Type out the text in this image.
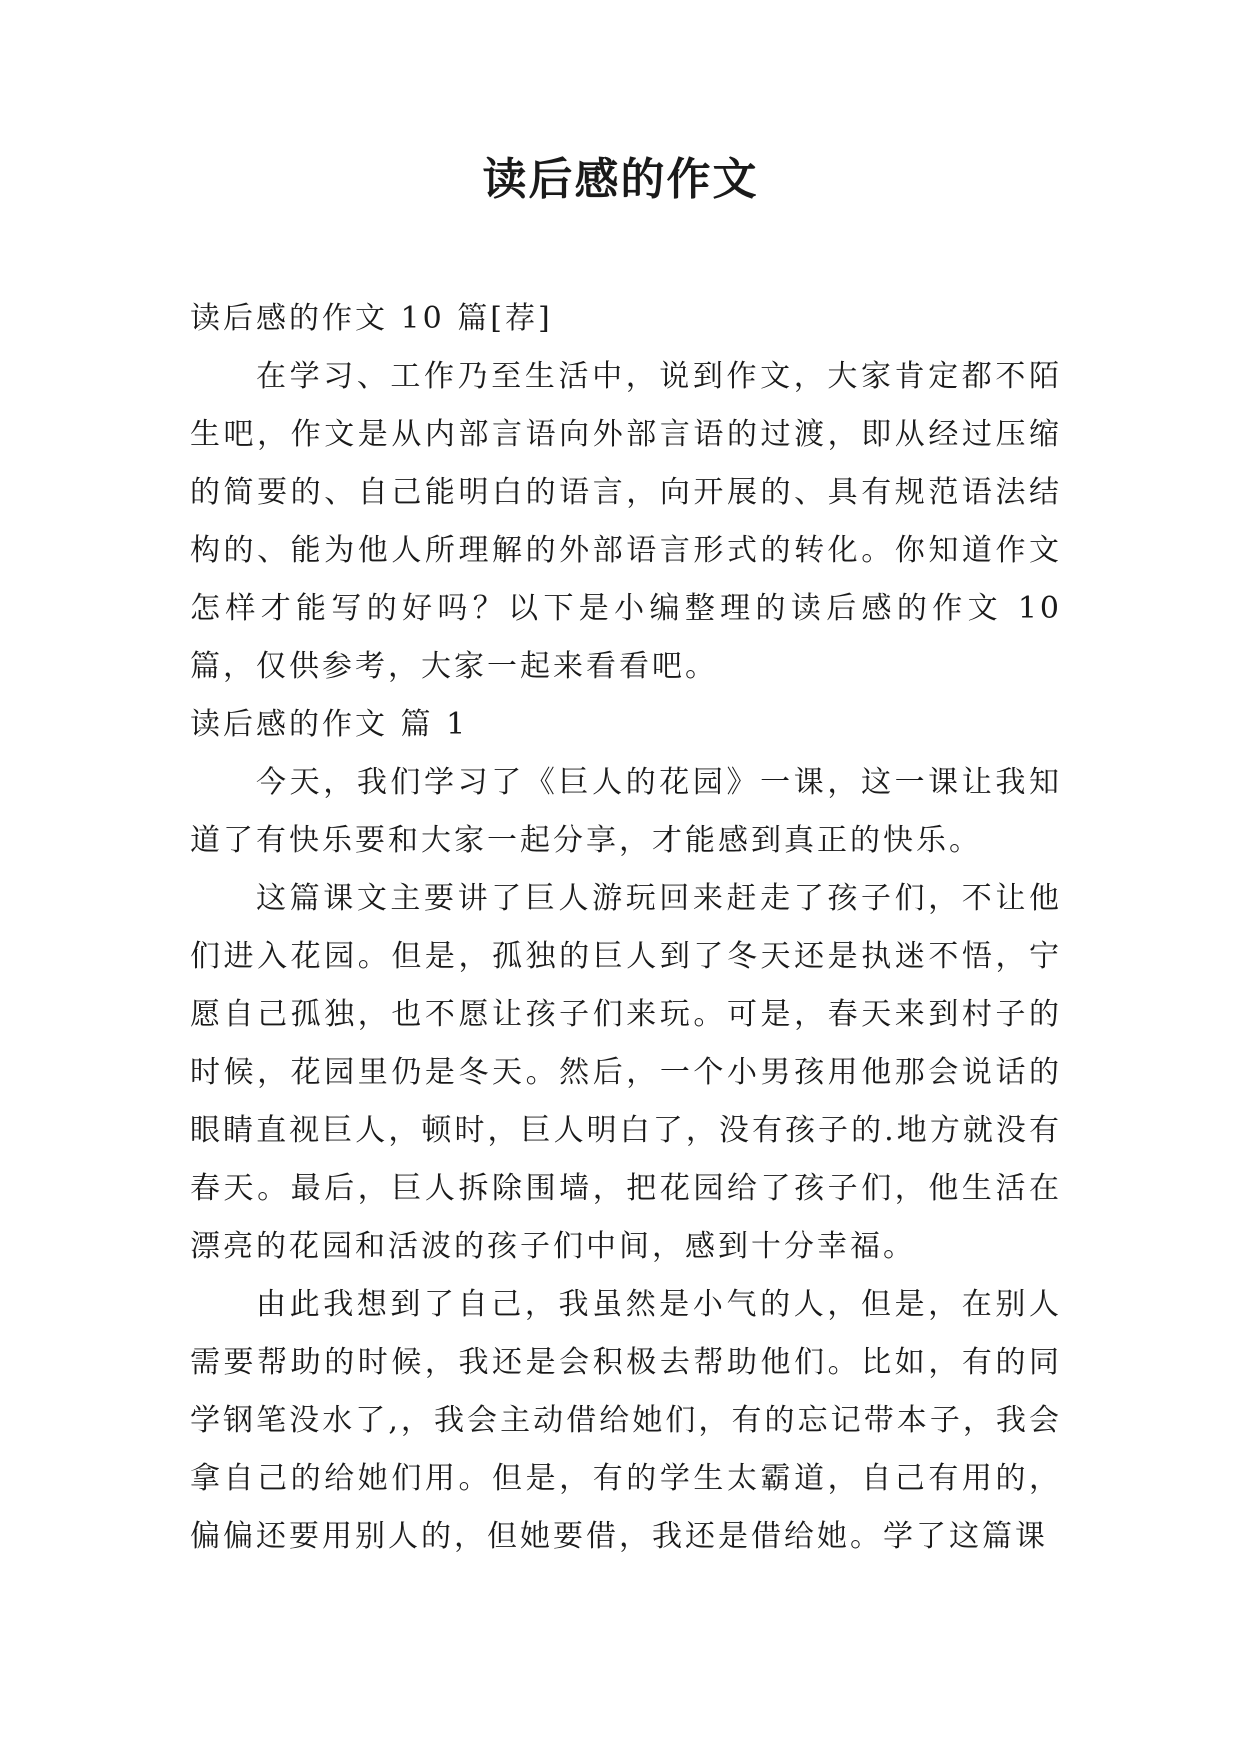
读后感的作文

读后感的作文 10 篇[荐]

在学习、工作乃至生活中，说到作文，大家肯定都不陌生吧，作文是从内部言语向外部言语的过渡，即从经过压缩的简要的、自己能明白的语言，向开展的、具有规范语法结构的、能为他人所理解的外部语言形式的转化。你知道作文怎样才能写的好吗？以下是小编整理的读后感的作文 10 篇，仅供参考，大家一起来看看吧。

读后感的作文 篇 1

今天，我们学习了《巨人的花园》一课，这一课让我知道了有快乐要和大家一起分享，才能感到真正的快乐。

这篇课文主要讲了巨人游玩回来赶走了孩子们，不让他们进入花园。但是，孤独的巨人到了冬天还是执迷不悟，宁愿自己孤独，也不愿让孩子们来玩。可是，春天来到村子的时候，花园里仍是冬天。然后，一个小男孩用他那会说话的眼睛直视巨人，顿时，巨人明白了，没有孩子的.地方就没有春天。最后，巨人拆除围墙，把花园给了孩子们，他生活在漂亮的花园和活波的孩子们中间，感到十分幸福。

由此我想到了自己，我虽然是小气的人，但是，在别人需要帮助的时候，我还是会积极去帮助他们。比如，有的同学钢笔没水了,，我会主动借给她们，有的忘记带本子，我会拿自己的给她们用。但是，有的学生太霸道，自己有用的，偏偏还要用别人的，但她要借，我还是借给她。学了这篇课
